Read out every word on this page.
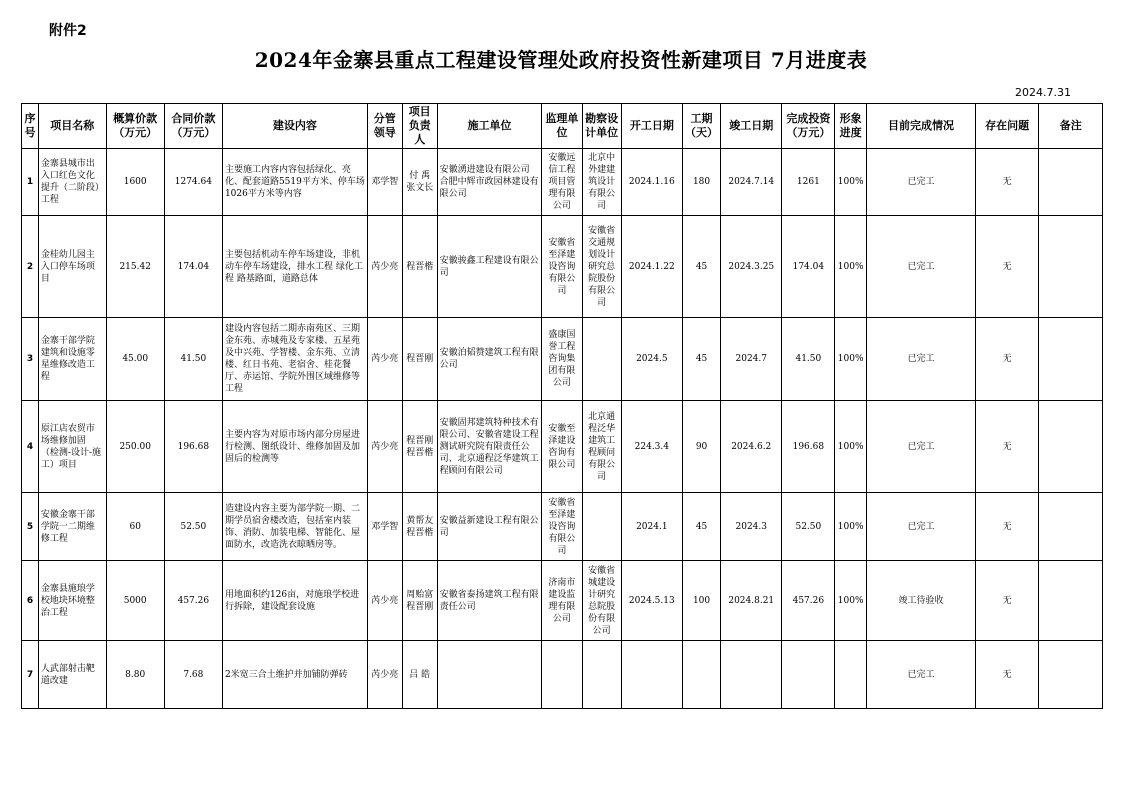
附件2
2024年金寨县重点工程建设管理处政府投资性新建项目 7月进度表
2024.7.31
序号	项目名称	概算价款（万元）	合同价款（万元）	建设内容	分管领导	项目负责人	施工单位	监理单位	勘察设计单位	开工日期	工期（天）	竣工日期	完成投资（万元）	形象进度	目前完成情况	存在问题	备注
1	金寨县城市出入口红色文化提升（二阶段）工程	1600	1274.64	主要施工内容内容包括绿化、亮化、配套道路5519平方米、停车场1026平方米等内容	邓学智	付 禹 张文长	安徽湧进建设有限公司 合肥中辉市政园林建设有限公司	安徽远信工程项目管理有限公司	北京中外建建筑设计有限公司	2024.1.16	180	2024.7.14	1261	100%	已完工	无	
2	金桂幼儿园主入口停车场项目	215.42	174.04	主要包括机动车停车场建设，非机动车停车场建设，排水工程 绿化工程 路基路面，道路总体	芮少亮	程晋楷	安徽骏鑫工程建设有限公司	安徽省至泽建设咨询有限公司	安徽省交通规划设计研究总院股份有限公司	2024.1.22	45	2024.3.25	174.04	100%	已完工	无	
3	金寨干部学院建筑和设施零星维修改造工程	45.00	41.50	建设内容包括二期赤南苑区、三期金东苑、赤城苑及专家楼、五星苑及中兴苑、学智楼、金东苑、立清楼、红日书苑、老宿舍、桂花餐厅、赤运馆、学院外围区域维修等工程	芮少亮	程晋刚	安徽泊韬赞建筑工程有限公司	盛康国誉工程咨询集团有限公司		2024.5	45	2024.7	41.50	100%	已完工	无	
4	原江店农贸市场维修加固（检测-设计-施工）项目	250.00	196.68	主要内容为对原市场内部分房屋进行检测、图纸设计、维修加固及加固后的检测等	芮少亮	程晋刚 程晋楷	安徽固邦建筑特种技术有限公司、安徽省建设工程测试研究院有限责任公司、北京通程泛华建筑工程顾问有限公司	安徽至泽建设咨询有限公司	北京通程泛华建筑工程顾问有限公司	224.3.4	90	2024.6.2	196.68	100%	已完工	无	
5	安徽金寨干部学院一二期维修工程	60	52.50	造建设内容主要为部学院一期、二期学员宿舍楼改造，包括室内装饰、消防、加装电梯、智能化、屋面防水，改造洗衣晾晒房等。	邓学智	黄帮友 程晋楷	安徽益新建设工程有限公司	安徽省至泽建设咨询有限公司		2024.1	45	2024.3	52.50	100%	已完工	无	
6	金寨县施琅学校地块环境整治工程	5000	457.26	用地面积约126亩，对施琅学校进行拆除，建设配套设施	芮少亮	周贻富 程晋刚	安徽省泰扬建筑工程有限责任公司	济南市建设监理有限公司	安徽省城建设计研究总院股份有限公司	2024.5.13	100	2024.8.21	457.26	100%	竣工待验收	无	
7	人武部射击靶道改建	8.80	7.68	2米宽三合土维护并加铺防弹砖	芮少亮	吕 皓									已完工	无	
